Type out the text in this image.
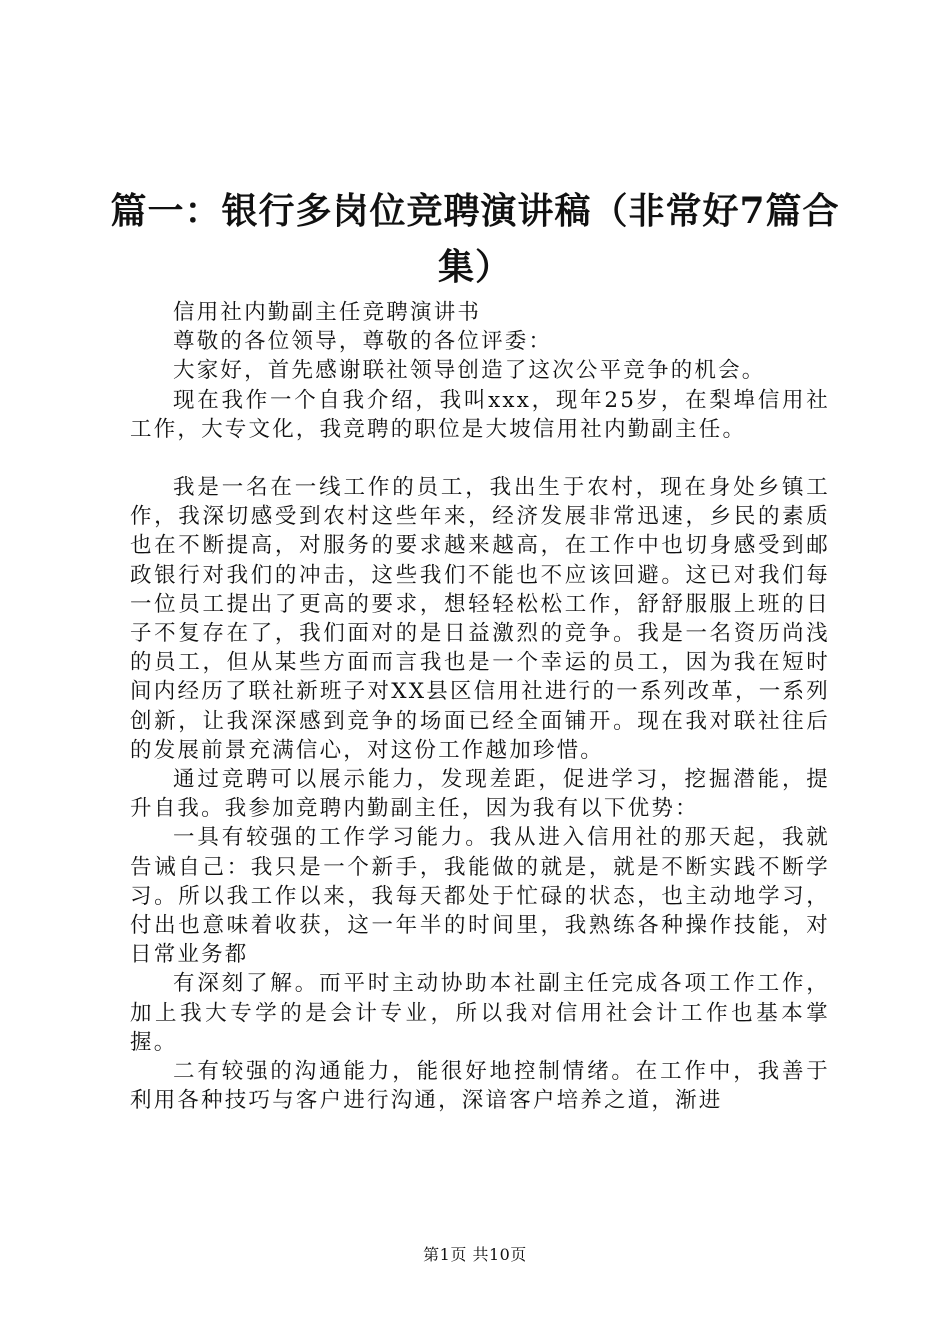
篇一：银行多岗位竞聘演讲稿（非常好7篇合集）

信用社内勤副主任竞聘演讲书

尊敬的各位领导，尊敬的各位评委：

大家好，首先感谢联社领导创造了这次公平竞争的机会。

现在我作一个自我介绍，我叫xxx，现年25岁，在梨埠信用社工作，大专文化，我竞聘的职位是大坡信用社内勤副主任。

我是一名在一线工作的员工，我出生于农村，现在身处乡镇工作，我深切感受到农村这些年来，经济发展非常迅速，乡民的素质也在不断提高，对服务的要求越来越高，在工作中也切身感受到邮政银行对我们的冲击，这些我们不能也不应该回避。这已对我们每一位员工提出了更高的要求，想轻轻松松工作，舒舒服服上班的日子不复存在了，我们面对的是日益激烈的竞争。我是一名资历尚浅的员工，但从某些方面而言我也是一个幸运的员工，因为我在短时间内经历了联社新班子对XX县区信用社进行的一系列改革，一系列创新，让我深深感到竞争的场面已经全面铺开。现在我对联社往后的发展前景充满信心，对这份工作越加珍惜。

通过竞聘可以展示能力，发现差距，促进学习，挖掘潜能，提升自我。我参加竞聘内勤副主任，因为我有以下优势：

一具有较强的工作学习能力。我从进入信用社的那天起，我就告诫自己：我只是一个新手，我能做的就是，就是不断实践不断学习。所以我工作以来，我每天都处于忙碌的状态，也主动地学习，付出也意味着收获，这一年半的时间里，我熟练各种操作技能，对日常业务都

有深刻了解。而平时主动协助本社副主任完成各项工作工作，加上我大专学的是会计专业，所以我对信用社会计工作也基本掌握。

二有较强的沟通能力，能很好地控制情绪。在工作中，我善于利用各种技巧与客户进行沟通，深谙客户培养之道，渐进

第1页 共10页
